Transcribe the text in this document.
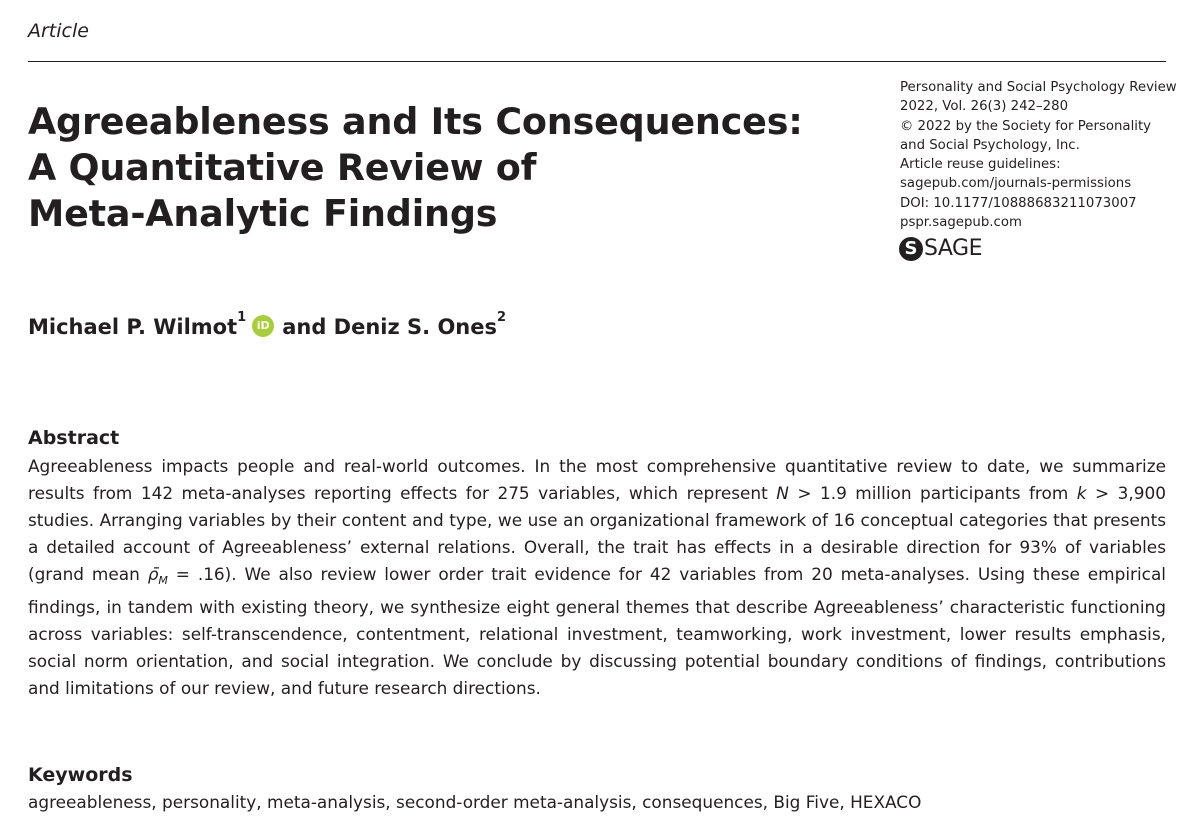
Article
Agreeableness and Its Consequences:
A Quantitative Review of
Meta-Analytic Findings
Personality and Social Psychology Review
2022, Vol. 26(3) 242–280
© 2022 by the Society for Personality
and Social Psychology, Inc.
Article reuse guidelines:
sagepub.com/journals-permissions
DOI: 10.1177/10888683211073007
pspr.sagepub.com
S SAGE
Michael P. Wilmot$^1$
iD and
Deniz S. Ones$^2$
Abstract

Agreeableness impacts people and real-world outcomes. In the most comprehensive quantitative review to date, we summarize results from 142 meta-analyses reporting effects for 275 variables, which represent N > 1.9 million participants from k > 3,900 studies. Arranging variables by their content and type, we use an organizational framework of 16 conceptual categories that presents a detailed account of Agreeableness’ external relations. Overall, the trait has effects in a desirable direction for 93% of variables (grand mean $\rhō_M = .16$). We also review lower order trait evidence for 42 variables from 20 meta-analyses. Using these empirical findings, in tandem with existing theory, we synthesize eight general themes that describe Agreeableness’ characteristic functioning across variables: self-transcendence, contentment, relational investment, teamworking, work investment, lower results emphasis, social norm orientation, and social integration. We conclude by discussing potential boundary conditions of findings, contributions and limitations of our review, and future research directions.

Keywords
agreeableness, personality, meta-analysis, second-order meta-analysis, consequences, Big Five, HEXACO
